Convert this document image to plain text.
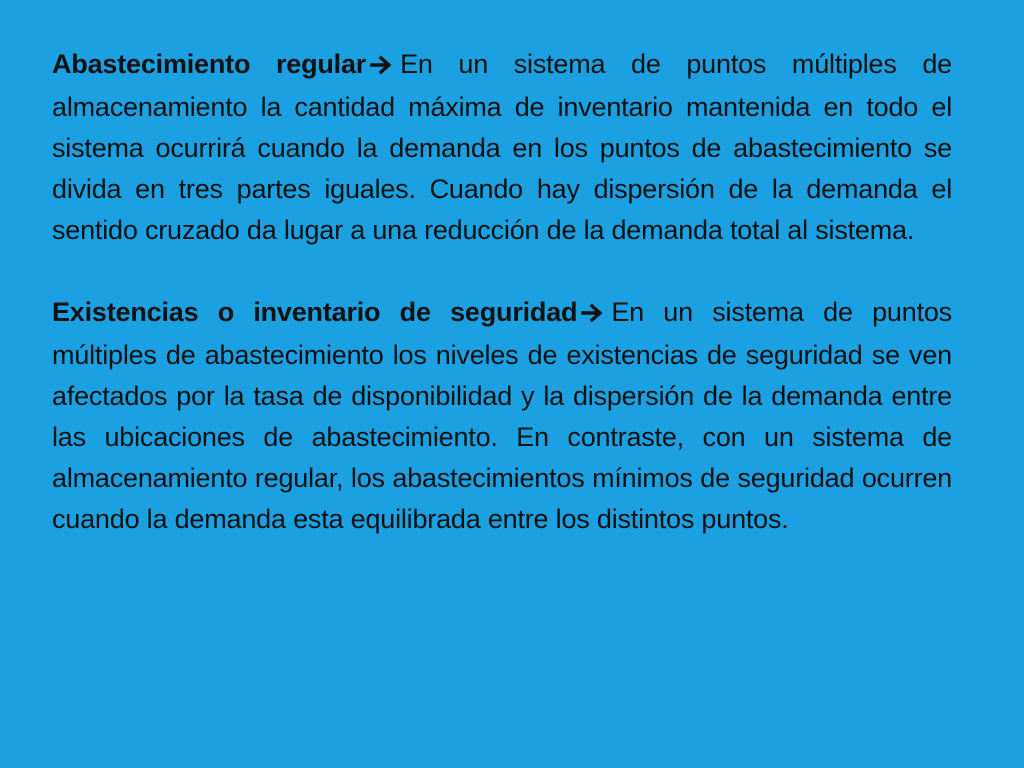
Abastecimiento regular En un sistema de puntos múltiples de almacenamiento la cantidad máxima de inventario mantenida en todo el sistema ocurrirá cuando la demanda en los puntos de abastecimiento se divida en tres partes iguales. Cuando hay dispersión de la demanda el sentido cruzado da lugar a una reducción de la demanda total al sistema.

Existencias o inventario de seguridad En un sistema de puntos múltiples de abastecimiento los niveles de existencias de seguridad se ven afectados por la tasa de disponibilidad y la dispersión de la demanda entre las ubicaciones de abastecimiento. En contraste, con un sistema de almacenamiento regular, los abastecimientos mínimos de seguridad ocurren cuando la demanda esta equilibrada entre los distintos puntos.
